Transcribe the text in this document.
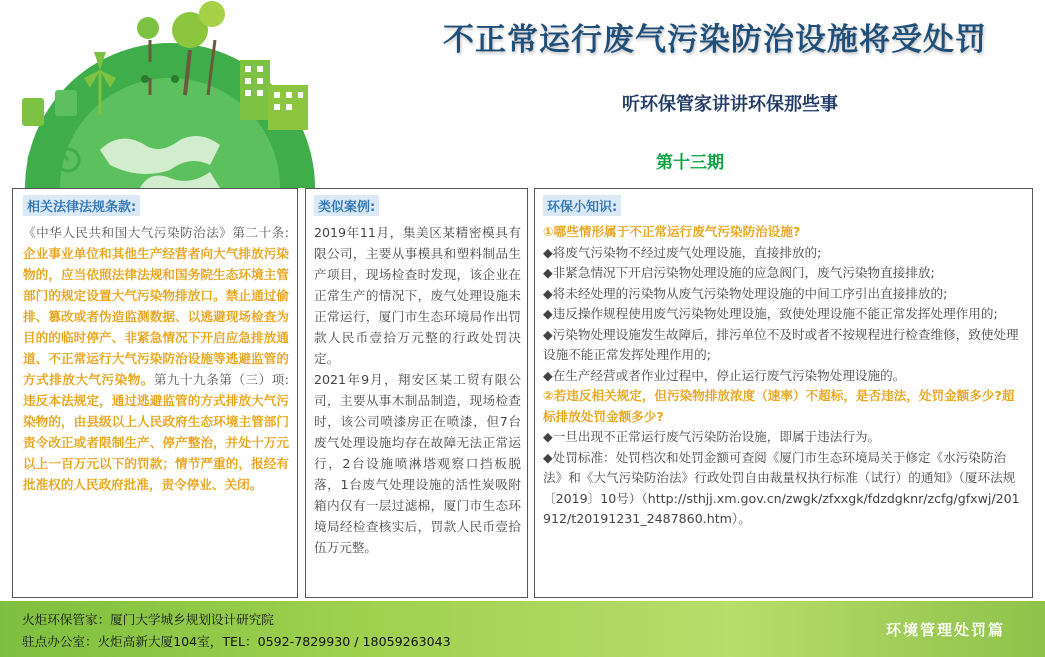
不正常运行废气污染防治设施将受处罚
听环保管家讲讲环保那些事
第十三期
相关法律法规条款:
《中华人民共和国大气污染防治法》第二十条:企业事业单位和其他生产经营者向大气排放污染物的，应当依照法律法规和国务院生态环境主管部门的规定设置大气污染物排放口。禁止通过偷排、篡改或者伪造监测数据、以逃避现场检查为目的的临时停产、非紧急情况下开启应急排放通道、不正常运行大气污染防治设施等逃避监管的方式排放大气污染物。第九十九条第（三）项:违反本法规定，通过逃避监管的方式排放大气污染物的，由县级以上人民政府生态环境主管部门责令改正或者限制生产、停产整治，并处十万元以上一百万元以下的罚款；情节严重的，报经有批准权的人民政府批准，责令停业、关闭。
类似案例:
2019年11月，集美区某精密模具有限公司，主要从事模具和塑料制品生产项目，现场检查时发现，该企业在正常生产的情况下，废气处理设施未正常运行，厦门市生态环境局作出罚款人民币壹拾万元整的行政处罚决定。
2021年9月，翔安区某工贸有限公司，主要从事木制品制造，现场检查时，该公司喷漆房正在喷漆，但7台废气处理设施均存在故障无法正常运行，2台设施喷淋塔观察口挡板脱落，1台废气处理设施的活性炭吸附箱内仅有一层过滤棉，厦门市生态环境局经检查核实后，罚款人民币壹拾伍万元整。
环保小知识:
①哪些情形属于不正常运行废气污染防治设施?
◆将废气污染物不经过废气处理设施，直接排放的;
◆非紧急情况下开启污染物处理设施的应急阀门，废气污染物直接排放;
◆将未经处理的污染物从废气污染物处理设施的中间工序引出直接排放的;
◆违反操作规程使用废气污染物处理设施，致使处理设施不能正常发挥处理作用的;
◆污染物处理设施发生故障后，排污单位不及时或者不按规程进行检查维修，致使处理设施不能正常发挥处理作用的;
◆在生产经营或者作业过程中，停止运行废气污染物处理设施的。
②若违反相关规定，但污染物排放浓度（速率）不超标，是否违法，处罚金额多少?超标排放处罚金额多少?
◆一旦出现不正常运行废气污染防治设施，即属于违法行为。
◆处罚标准：处罚档次和处罚金额可查阅《厦门市生态环境局关于修定《水污染防治法》和《大气污染防治法》行政处罚自由裁量权执行标准（试行）的通知》（厦环法规〔2019〕10号）（http://sthjj.xm.gov.cn/zwgk/zfxxgk/fdzdgknr/zcfg/gfxwj/201912/t20191231_2487860.htm）。
火炬环保管家：厦门大学城乡规划设计研究院
驻点办公室：火炬高新大厦104室，TEL：0592-7829930 / 18059263043
环境管理处罚篇
